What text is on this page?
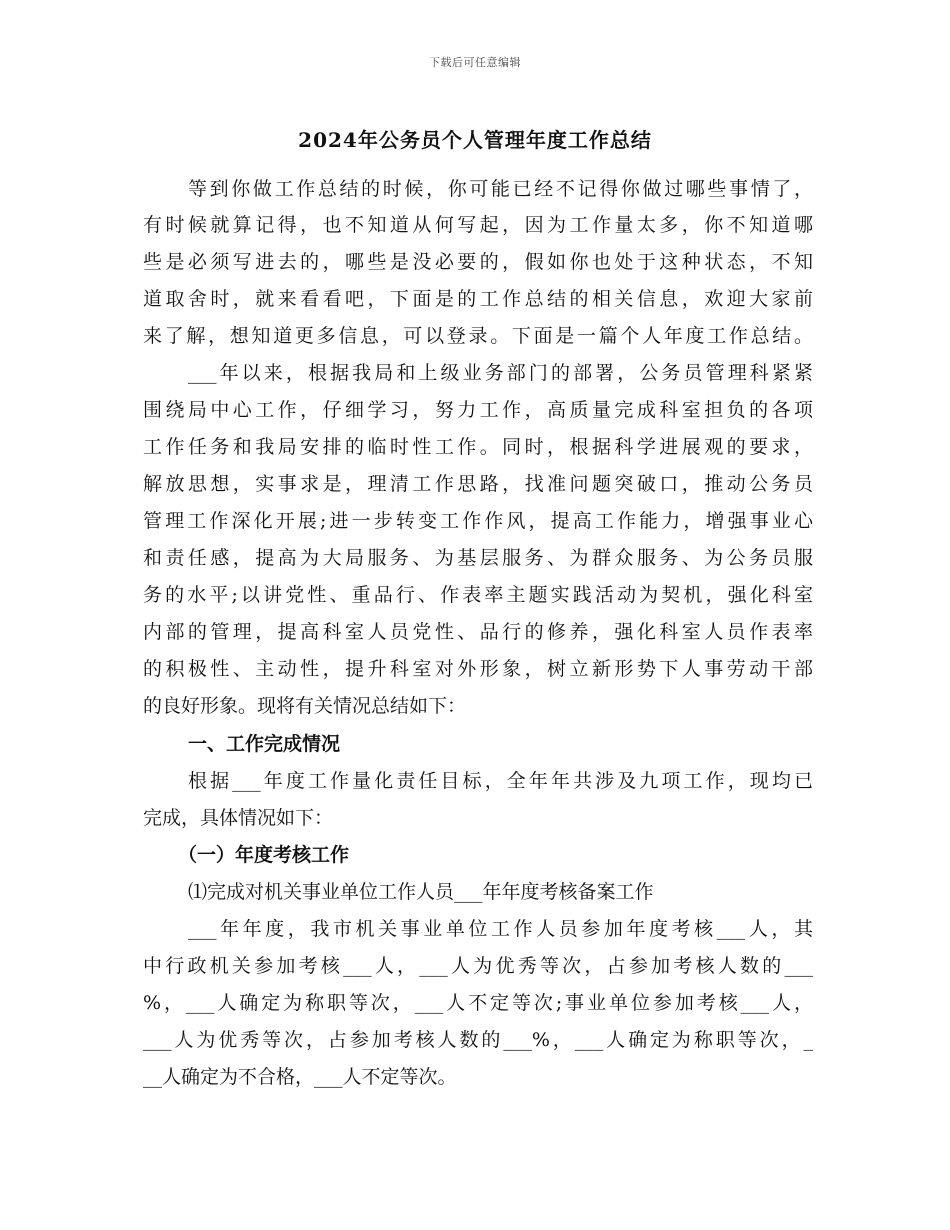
下载后可任意编辑
2024年公务员个人管理年度工作总结
等到你做工作总结的时候，你可能已经不记得你做过哪些事情了，
有时候就算记得，也不知道从何写起，因为工作量太多，你不知道哪
些是必须写进去的，哪些是没必要的，假如你也处于这种状态，不知
道取舍时，就来看看吧，下面是的工作总结的相关信息，欢迎大家前
来了解，想知道更多信息，可以登录。下面是一篇个人年度工作总结。
___年以来，根据我局和上级业务部门的部署，公务员管理科紧紧
围绕局中心工作，仔细学习，努力工作，高质量完成科室担负的各项
工作任务和我局安排的临时性工作。同时，根据科学进展观的要求，
解放思想，实事求是，理清工作思路，找准问题突破口，推动公务员
管理工作深化开展;进一步转变工作作风，提高工作能力，增强事业心
和责任感，提高为大局服务、为基层服务、为群众服务、为公务员服
务的水平;以讲党性、重品行、作表率主题实践活动为契机，强化科室
内部的管理，提高科室人员党性、品行的修养，强化科室人员作表率
的积极性、主动性，提升科室对外形象，树立新形势下人事劳动干部
的良好形象。现将有关情况总结如下：
一、工作完成情况
根据___年度工作量化责任目标，全年年共涉及九项工作，现均已
完成，具体情况如下：
（一）年度考核工作
⑴完成对机关事业单位工作人员___年年度考核备案工作
___年年度，我市机关事业单位工作人员参加年度考核___人，其
中行政机关参加考核___人，___人为优秀等次，占参加考核人数的___
%，___人确定为称职等次，___人不定等次;事业单位参加考核___人，
___人为优秀等次，占参加考核人数的___%，___人确定为称职等次，_
__人确定为不合格，___人不定等次。
